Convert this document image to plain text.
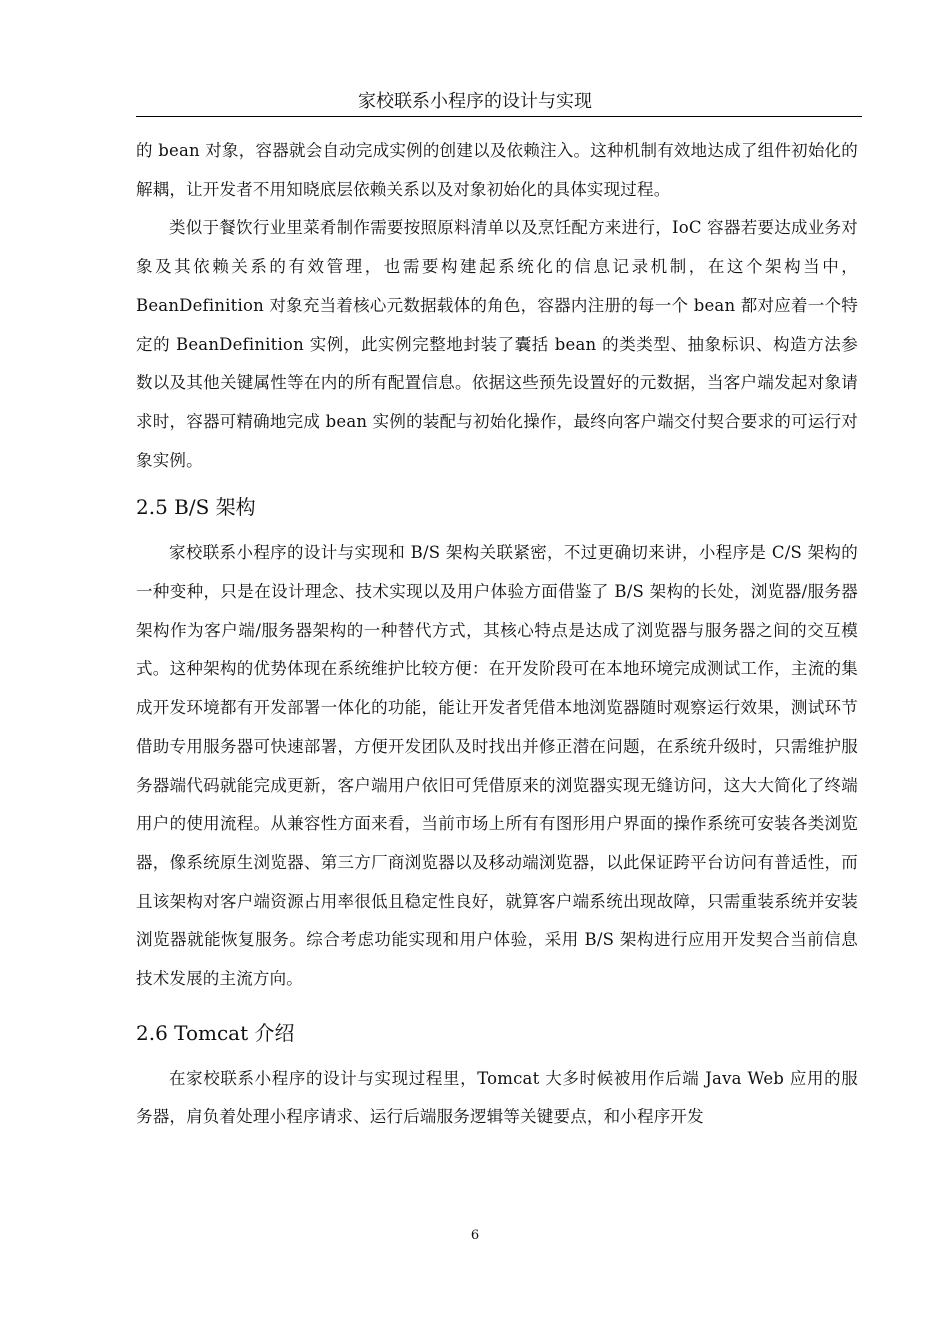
家校联系小程序的设计与实现

的 bean 对象，容器就会自动完成实例的创建以及依赖注入。这种机制有效地达成了组件初始化的解耦，让开发者不用知晓底层依赖关系以及对象初始化的具体实现过程。

类似于餐饮行业里菜肴制作需要按照原料清单以及烹饪配方来进行，IoC 容器若要达成业务对象及其依赖关系的有效管理，也需要构建起系统化的信息记录机制，在这个架构当中，BeanDefinition 对象充当着核心元数据载体的角色，容器内注册的每一个 bean 都对应着一个特定的 BeanDefinition 实例，此实例完整地封装了囊括 bean 的类类型、抽象标识、构造方法参数以及其他关键属性等在内的所有配置信息。依据这些预先设置好的元数据，当客户端发起对象请求时，容器可精确地完成 bean 实例的装配与初始化操作，最终向客户端交付契合要求的可运行对象实例。

2.5 B/S 架构

家校联系小程序的设计与实现和 B/S 架构关联紧密，不过更确切来讲，小程序是 C/S 架构的一种变种，只是在设计理念、技术实现以及用户体验方面借鉴了 B/S 架构的长处，浏览器/服务器架构作为客户端/服务器架构的一种替代方式，其核心特点是达成了浏览器与服务器之间的交互模式。这种架构的优势体现在系统维护比较方便：在开发阶段可在本地环境完成测试工作，主流的集成开发环境都有开发部署一体化的功能，能让开发者凭借本地浏览器随时观察运行效果，测试环节借助专用服务器可快速部署，方便开发团队及时找出并修正潜在问题，在系统升级时，只需维护服务器端代码就能完成更新，客户端用户依旧可凭借原来的浏览器实现无缝访问，这大大简化了终端用户的使用流程。从兼容性方面来看，当前市场上所有有图形用户界面的操作系统可安装各类浏览器，像系统原生浏览器、第三方厂商浏览器以及移动端浏览器，以此保证跨平台访问有普适性，而且该架构对客户端资源占用率很低且稳定性良好，就算客户端系统出现故障，只需重装系统并安装浏览器就能恢复服务。综合考虑功能实现和用户体验，采用 B/S 架构进行应用开发契合当前信息技术发展的主流方向。

2.6 Tomcat 介绍

在家校联系小程序的设计与实现过程里，Tomcat 大多时候被用作后端 Java Web 应用的服务器，肩负着处理小程序请求、运行后端服务逻辑等关键要点，和小程序开发

6
